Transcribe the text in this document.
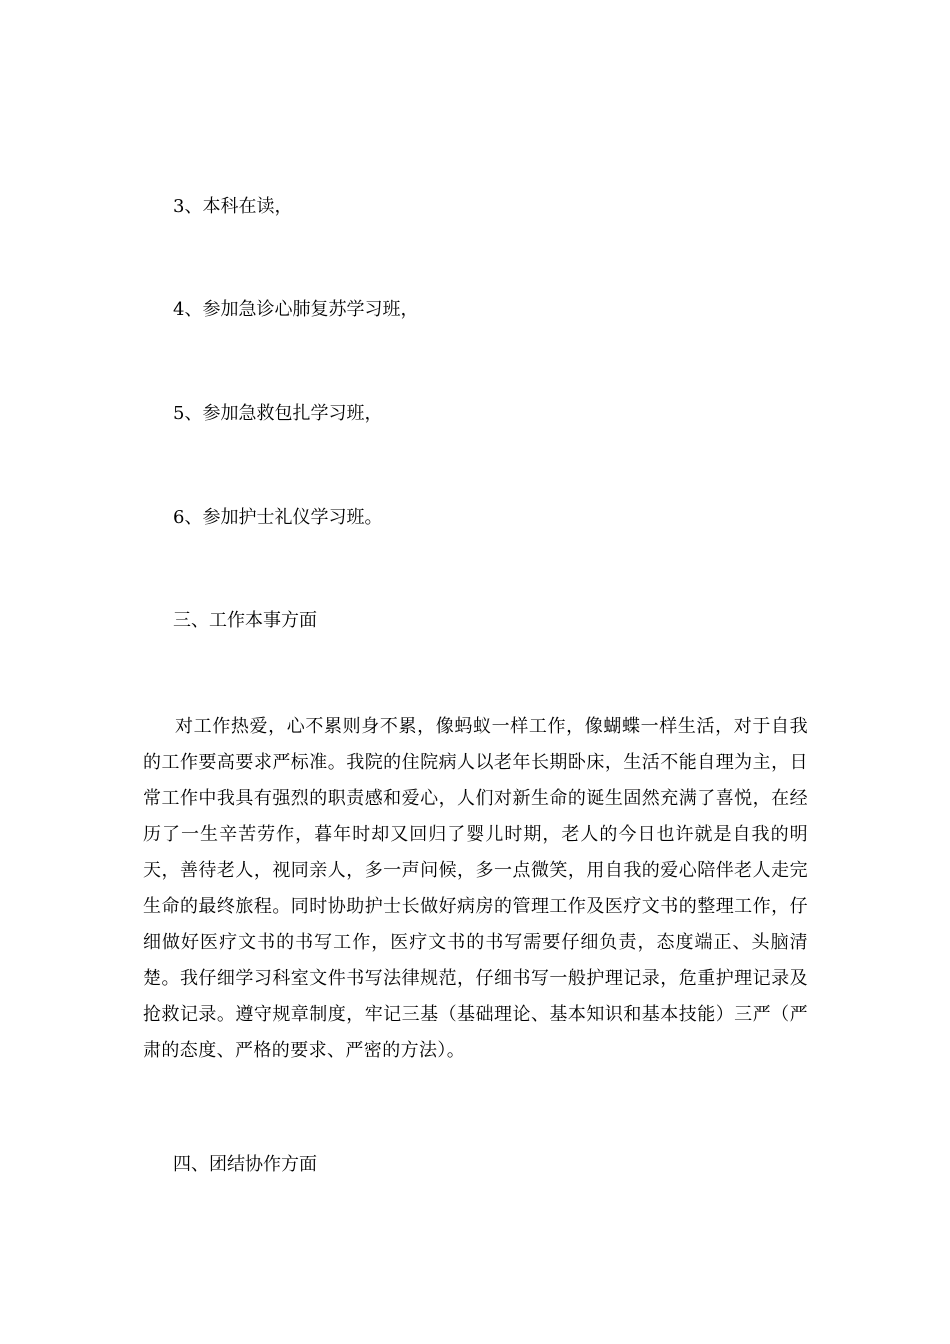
3、本科在读，
4、参加急诊心肺复苏学习班，
5、参加急救包扎学习班，
6、参加护士礼仪学习班。
三、工作本事方面
对工作热爱，心不累则身不累，像蚂蚁一样工作，像蝴蝶一样生活，对于自我的工作要高要求严标准。我院的住院病人以老年长期卧床，生活不能自理为主，日常工作中我具有强烈的职责感和爱心，人们对新生命的诞生固然充满了喜悦，在经历了一生辛苦劳作，暮年时却又回归了婴儿时期，老人的今日也许就是自我的明天，善待老人，视同亲人，多一声问候，多一点微笑，用自我的爱心陪伴老人走完生命的最终旅程。同时协助护士长做好病房的管理工作及医疗文书的整理工作，仔细做好医疗文书的书写工作，医疗文书的书写需要仔细负责，态度端正、头脑清楚。我仔细学习科室文件书写法律规范，仔细书写一般护理记录，危重护理记录及抢救记录。遵守规章制度，牢记三基（基础理论、基本知识和基本技能）三严（严肃的态度、严格的要求、严密的方法）。
四、团结协作方面
